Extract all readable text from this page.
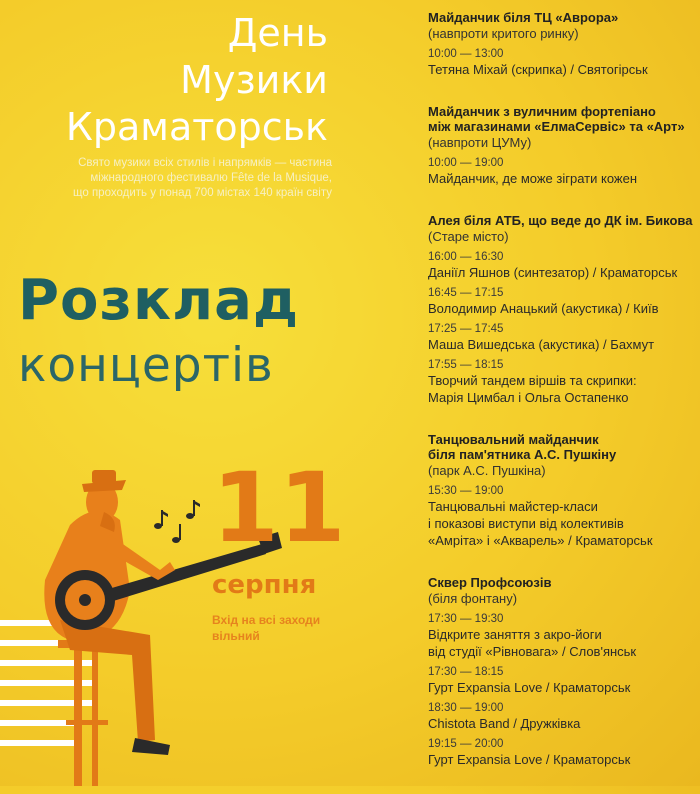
День
Музики
Краматорськ
Свято музики всіх стилів і напрямків — частина
міжнародного фестивалю Fête de la Musique,
що проходить у понад 700 містах 140 країн світу
Розклад
концертів
11
серпня
Вхід на всі заходи
вільний
Майданчик біля ТЦ «Аврора»
(навпроти критого ринку)
10:00 — 13:00
Тетяна Міхай (скрипка) / Святогірськ
Майданчик з вуличним фортепіано
між магазинами «ЕлмаСервіс» та «Арт»
(навпроти ЦУМу)
10:00 — 19:00
Майданчик, де може зіграти кожен
Алея біля АТБ, що веде до ДК ім. Бикова
(Старе місто)
16:00 — 16:30
Даніїл Яшнов (синтезатор) / Краматорськ
16:45 — 17:15
Володимир Анацький (акустика) / Київ
17:25 — 17:45
Маша Вишедська (акустика) / Бахмут
17:55 — 18:15
Творчий тандем віршів та скрипки:
Марія Цимбал і Ольга Остапенко
Танцювальний майданчик
біля пам'ятника А.С. Пушкіну
(парк А.С. Пушкіна)
15:30 — 19:00
Танцювальні майстер-класи
і показові виступи від колективів
«Амріта» і «Акварель» / Краматорськ
Сквер Профсоюзів
(біля фонтану)
17:30 — 19:30
Відкрите заняття з акро-йоги
від студії «Рівновага» / Слов'янськ
17:30 — 18:15
Гурт Expansia Love / Краматорськ
18:30 — 19:00
Chistota Band / Дружківка
19:15 — 20:00
Гурт Expansia Love / Краматорськ
